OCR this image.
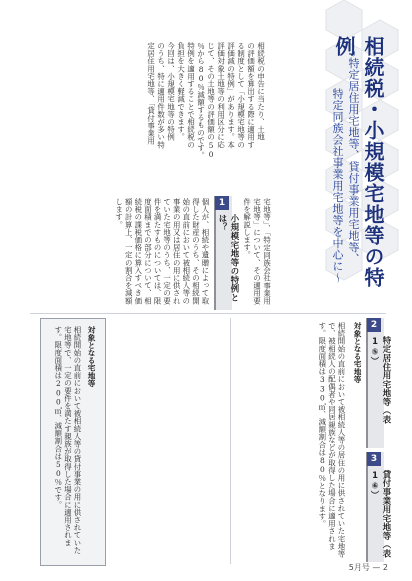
相続税・小規模宅地等の特例
〜特定居住用宅地等、貸付事業用宅地等、
特定同族会社事業用宅地等を中心に〜
相続税の申告に当たり、土地
の評価額を算出する際に適用す
る制度として「小規模宅地等の
評価減の特例」があります。本
評価対象土地等の利用区分に応
じて、その土地等の評価額の50
％から80％減額するものです。
特例を適用することで相続税の
負担を大きく軽減できます。
今回は、小規模宅地等の特例
のうち、特に適用件数が多い特
定居住用宅地等、「貸付事業用
宅地等」、「特定同族会社事業用
宅地等」について、その適用要
件を解説します。
1
小規模宅地等の特例とは？
個人が、相続や遺贈によって取得した財産のうち、その相続開始の直前において被相続人等の事業の用又は居住の用に供されていた宅地等のうち、一定の要件を満たすものについては、限度面積までの部分について、相続税の課税価格に算入すべき価額の計算上、一定の割合を減額します。
2
特定居住用宅地等（表1⑤）
対象となる宅地等
相続開始の直前において被相続人等の居住の用に供されていた宅地等で、被相続人の配偶者や同居親族などが取得した場合に適用されます。限度面積は330㎡、減額割合は80％となります。	3
貸付事業用宅地等（表1⑥）
対象となる宅地等
相続開始の直前において被相続人等の貸付事業の用に供されていた宅地等で、一定の要件を満たす親族が取得した場合に適用されます。限度面積は200㎡、減額割合は50％です。
5月号 — 2
